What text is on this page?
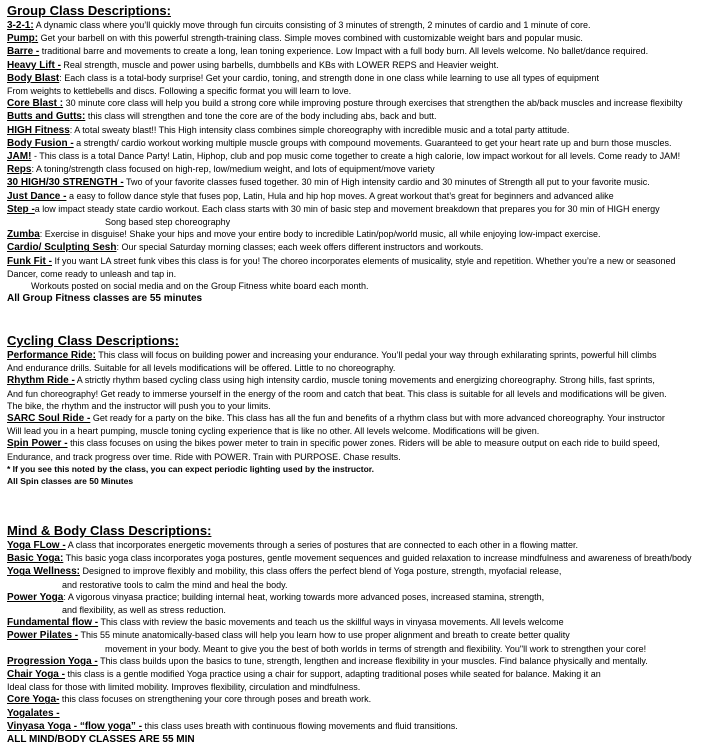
Group Class Descriptions:
3-2-1: A dynamic class where you’ll quickly move through fun circuits consisting of 3 minutes of strength, 2 minutes of cardio and 1 minute of core.
Pump: Get your barbell on with this powerful strength-training class. Simple moves combined with customizable weight bars and popular music.
Barre - traditional barre and movements to create a long, lean toning experience. Low Impact with a full body burn. All levels welcome. No ballet/dance required.
Heavy Lift - Real strength, muscle and power using barbells, dumbbells and KBs with LOWER REPS and Heavier weight.
Body Blast: Each class is a total-body surprise! Get your cardio, toning, and strength done in one class while learning to use all types of equipment
From weights to kettlebells and discs. Following a specific format you will learn to love.
Core Blast : 30 minute core class will help you build a strong core while improving posture through exercises that strengthen the ab/back muscles and increase flexibilty
Butts and Gutts: this class will strengthen and tone the core are of the body including abs, back and butt.
HIGH Fitness: A total sweaty blast!! This High intensity class combines simple choreography with incredible music and a total party attitude.
Body Fusion - a strength/ cardio workout working multiple muscle groups with compound movements. Guaranteed to get your heart rate up and burn those muscles.
JAM! - This class is a total Dance Party! Latin, Hiphop, club and pop music come together to create a high calorie, low impact workout for all levels. Come ready to JAM!
Reps: A toning/strength class focused on high-rep, low/medium weight, and lots of equipment/move variety
30 HIGH/30 STRENGTH - Two of your favorite classes fused together. 30 min of High intensity cardio and 30 minutes of Strength all put to your favorite music.
Just Dance - a easy to follow dance style that fuses pop, Latin, Hula and hip hop moves. A great workout that’s great for beginners and advanced alike
Step -a low impact steady state cardio workout. Each class starts with 30 min of basic step and movement breakdown that prepares you for 30 min of HIGH energy
Song based step choreography
Zumba: Exercise in disguise! Shake your hips and move your entire body to incredible Latin/pop/world music, all while enjoying low-impact exercise.
Cardio/ Sculpting Sesh: Our special Saturday morning classes; each week offers different instructors and workouts.
Funk Fit - If you want LA street funk vibes this class is for you! The choreo incorporates elements of musicality, style and repetition. Whether you’re a new or seasoned
Dancer, come ready to unleash and tap in.
Workouts posted on social media and on the Group Fitness white board each month.
All Group Fitness classes are 55 minutes
Cycling Class Descriptions:
Performance Ride: This class will focus on building power and increasing your endurance. You’ll pedal your way through exhilarating sprints, powerful hill climbs
And endurance drills. Suitable for all levels modifications will be offered. Little to no choreography.
Rhythm Ride - A strictly rhythm based cycling class using high intensity cardio, muscle toning movements and energizing choreography. Strong hills, fast sprints,
And fun choreography! Get ready to immerse yourself in the energy of the room and catch that beat. This class is suitable for all levels and modifications will be given.
The bike, the rhythm and the instructor will push you to your limits.
SARC Soul Ride - Get ready for a party on the bike. This class has all the fun and benefits of a rhythm class but with more advanced choreography. Your instructor
Will lead you in a heart pumping, muscle toning cycling experience that is like no other. All levels welcome. Modifications will be given.
Spin Power - this class focuses on using the bikes power meter to train in specific power zones. Riders will be able to measure output on each ride to build speed,
Endurance, and track progress over time. Ride with POWER. Train with PURPOSE. Chase results.
* If you see this noted by the class, you can expect periodic lighting used by the instructor.
All Spin classes are 50 Minutes
Mind & Body Class Descriptions:
Yoga FLow - A class that incorporates energetic movements through a series of postures that are connected to each other in a flowing matter.
Basic Yoga: This basic yoga class incorporates yoga postures, gentle movement sequences and guided relaxation to increase mindfulness and awareness of breath/body
Yoga Wellness: Designed to improve flexibly and mobility, this class offers the perfect blend of Yoga posture, strength, myofacial release,
and restorative tools to calm the mind and heal the body.
Power Yoga: A vigorous vinyasa practice; building internal heat, working towards more advanced poses, increased stamina, strength,
and flexibility, as well as stress reduction.
Fundamental flow - This class with review the basic movements and teach us the skillful ways in vinyasa movements. All levels welcome
Power Pilates - This 55 minute anatomically-based class will help you learn how to use proper alignment and breath to create better quality
movement in your body. Meant to give you the best of both worlds in terms of strength and flexibility. You"ll work to strengthen your core!
Progression Yoga - This class builds upon the basics to tune, strength, lengthen and increase flexibility in your muscles. Find balance physically and mentally.
Chair Yoga - this class is a gentle modified Yoga practice using a chair for support, adapting traditional poses while seated for balance. Making it an
Ideal class for those with limited mobility. Improves flexibility, circulation and mindfulness.
Core Yoga- this class focuses on strengthening your core through poses and breath work.
Yogalates -
Vinyasa Yoga - “flow yoga” - this class uses breath with continuous flowing movements and fluid transitions.
ALL MIND/BODY CLASSES ARE 55 MIN
